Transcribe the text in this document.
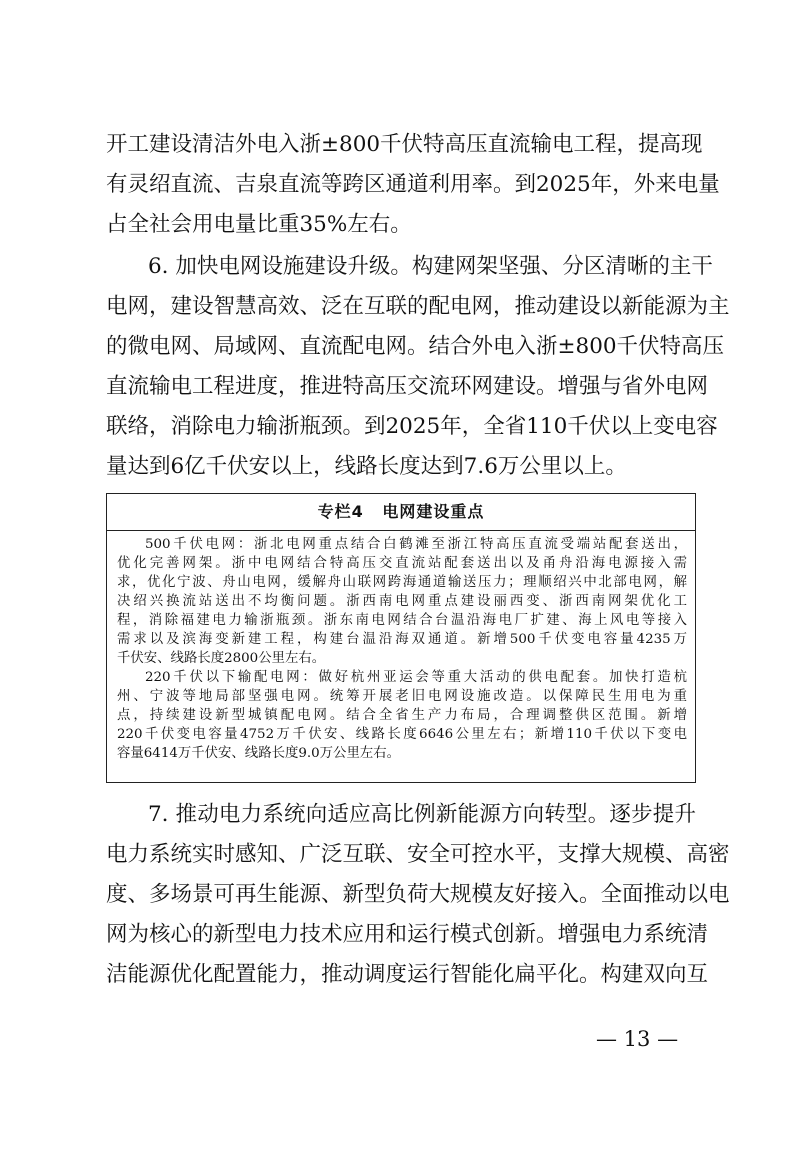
开工建设清洁外电入浙±800千伏特高压直流输电工程，提高现
有灵绍直流、吉泉直流等跨区通道利用率。到2025年，外来电量
占全社会用电量比重35%左右。
6. 加快电网设施建设升级。构建网架坚强、分区清晰的主干
电网，建设智慧高效、泛在互联的配电网，推动建设以新能源为主
的微电网、局域网、直流配电网。结合外电入浙±800千伏特高压
直流输电工程进度，推进特高压交流环网建设。增强与省外电网
联络，消除电力输浙瓶颈。到2025年，全省110千伏以上变电容
量达到6亿千伏安以上，线路长度达到7.6万公里以上。
专栏4 电网建设重点
500千伏电网：浙北电网重点结合白鹤滩至浙江特高压直流受端站配套送出，
优化完善网架。浙中电网结合特高压交直流站配套送出以及甬舟沿海电源接入需
求，优化宁波、舟山电网，缓解舟山联网跨海通道输送压力；理顺绍兴中北部电网，解
决绍兴换流站送出不均衡问题。浙西南电网重点建设丽西变、浙西南网架优化工
程，消除福建电力输浙瓶颈。浙东南电网结合台温沿海电厂扩建、海上风电等接入
需求以及滨海变新建工程，构建台温沿海双通道。新增500千伏变电容量4235万
千伏安、线路长度2800公里左右。
220千伏以下输配电网：做好杭州亚运会等重大活动的供电配套。加快打造杭
州、宁波等地局部坚强电网。统筹开展老旧电网设施改造。以保障民生用电为重
点，持续建设新型城镇配电网。结合全省生产力布局，合理调整供区范围。新增
220千伏变电容量4752万千伏安、线路长度6646公里左右；新增110千伏以下变电
容量6414万千伏安、线路长度9.0万公里左右。
7. 推动电力系统向适应高比例新能源方向转型。逐步提升
电力系统实时感知、广泛互联、安全可控水平，支撑大规模、高密
度、多场景可再生能源、新型负荷大规模友好接入。全面推动以电
网为核心的新型电力技术应用和运行模式创新。增强电力系统清
洁能源优化配置能力，推动调度运行智能化扁平化。构建双向互
— 13 —
